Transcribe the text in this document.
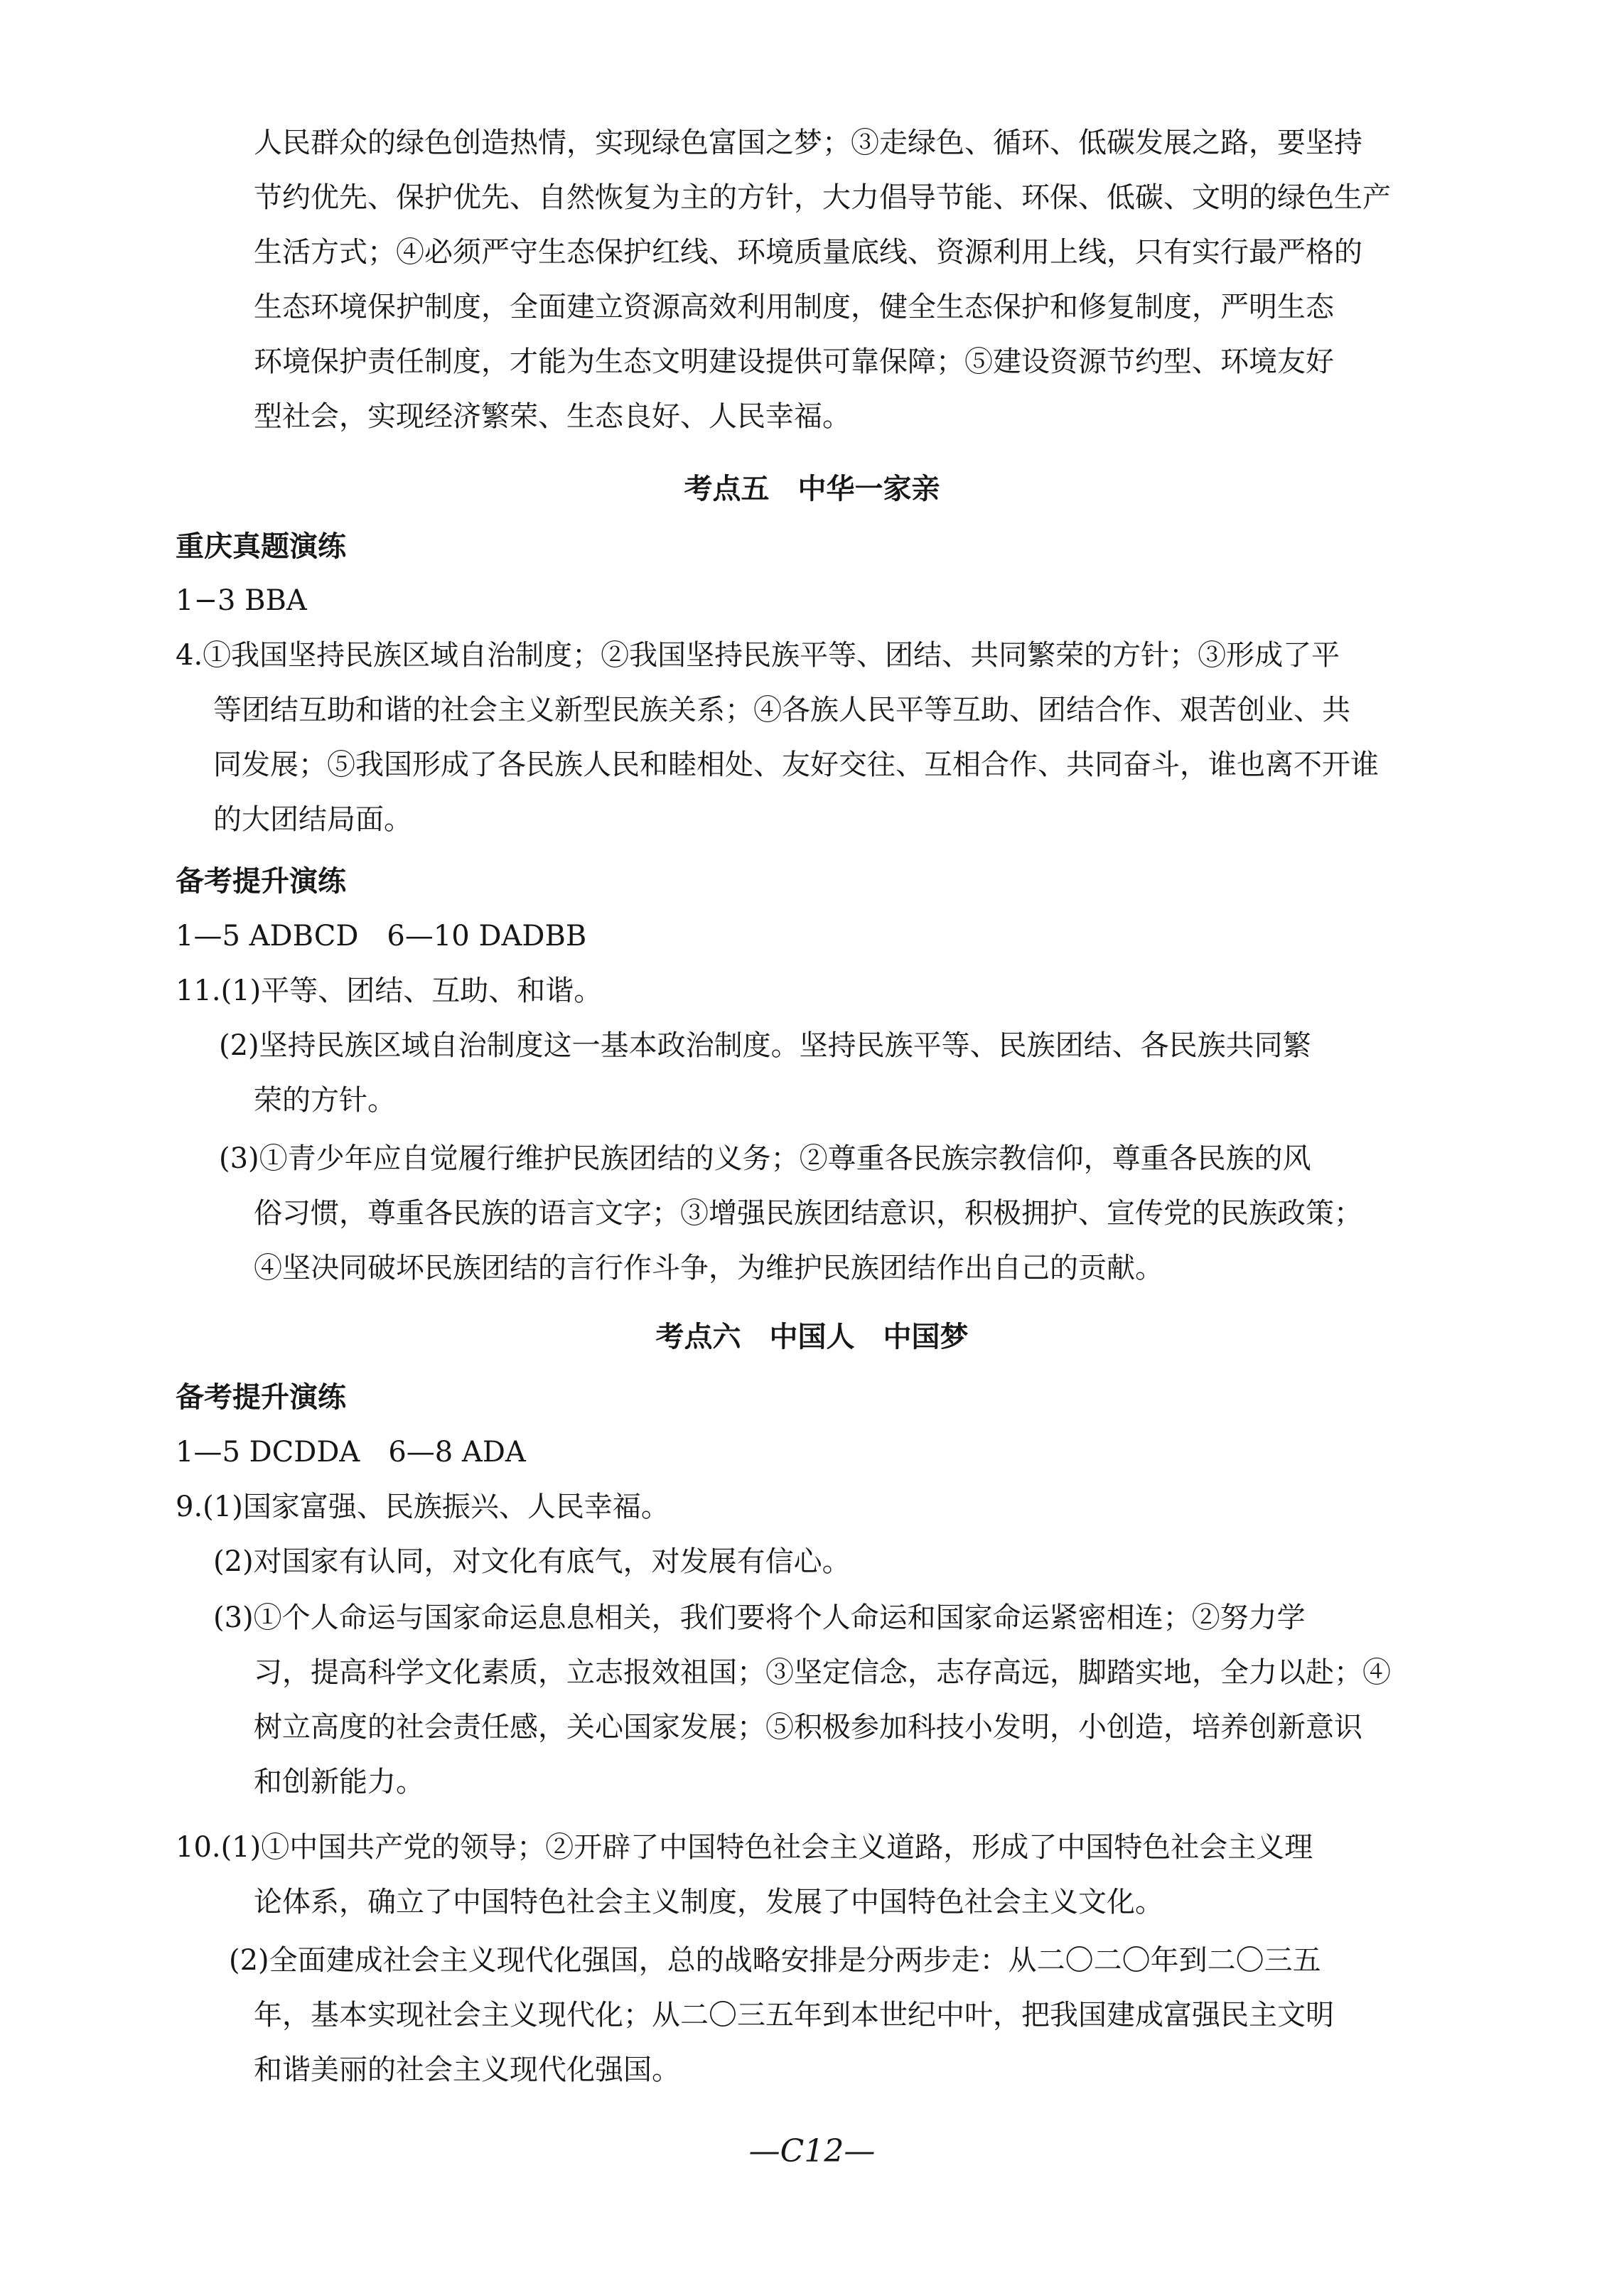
人民群众的绿色创造热情，实现绿色富国之梦；③走绿色、循环、低碳发展之路，要坚持
节约优先、保护优先、自然恢复为主的方针，大力倡导节能、环保、低碳、文明的绿色生产
生活方式；④必须严守生态保护红线、环境质量底线、资源利用上线，只有实行最严格的
生态环境保护制度，全面建立资源高效利用制度，健全生态保护和修复制度，严明生态
环境保护责任制度，才能为生态文明建设提供可靠保障；⑤建设资源节约型、环境友好
型社会，实现经济繁荣、生态良好、人民幸福。
考点五　中华一家亲
重庆真题演练
1−3 BBA
4.①我国坚持民族区域自治制度；②我国坚持民族平等、团结、共同繁荣的方针；③形成了平
等团结互助和谐的社会主义新型民族关系；④各族人民平等互助、团结合作、艰苦创业、共
同发展；⑤我国形成了各民族人民和睦相处、友好交往、互相合作、共同奋斗，谁也离不开谁
的大团结局面。
备考提升演练
1—5 ADBCD　6—10 DADBB
11.(1)平等、团结、互助、和谐。
(2)坚持民族区域自治制度这一基本政治制度。坚持民族平等、民族团结、各民族共同繁
荣的方针。
(3)①青少年应自觉履行维护民族团结的义务；②尊重各民族宗教信仰，尊重各民族的风
俗习惯，尊重各民族的语言文字；③增强民族团结意识，积极拥护、宣传党的民族政策；
④坚决同破坏民族团结的言行作斗争，为维护民族团结作出自己的贡献。
考点六　中国人　中国梦
备考提升演练
1—5 DCDDA　6—8 ADA
9.(1)国家富强、民族振兴、人民幸福。
(2)对国家有认同，对文化有底气，对发展有信心。
(3)①个人命运与国家命运息息相关，我们要将个人命运和国家命运紧密相连；②努力学
习，提高科学文化素质，立志报效祖国；③坚定信念，志存高远，脚踏实地，全力以赴；④
树立高度的社会责任感，关心国家发展；⑤积极参加科技小发明，小创造，培养创新意识
和创新能力。
10.(1)①中国共产党的领导；②开辟了中国特色社会主义道路，形成了中国特色社会主义理
论体系，确立了中国特色社会主义制度，发展了中国特色社会主义文化。
(2)全面建成社会主义现代化强国，总的战略安排是分两步走：从二〇二〇年到二〇三五
年，基本实现社会主义现代化；从二〇三五年到本世纪中叶，把我国建成富强民主文明
和谐美丽的社会主义现代化强国。
—C12—
